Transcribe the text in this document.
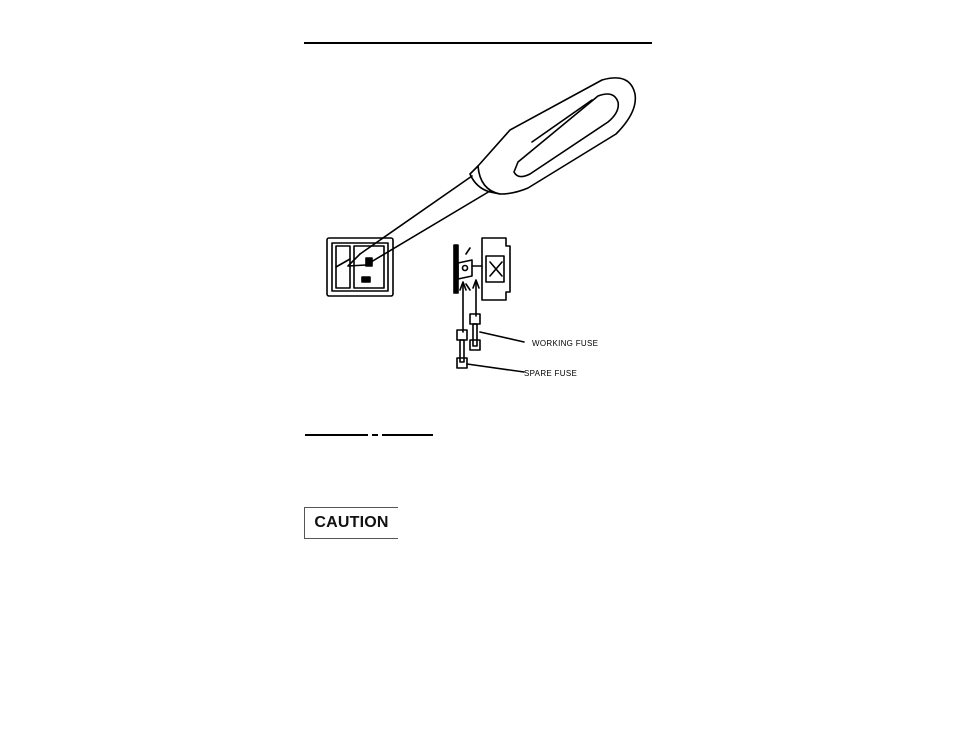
WORKING FUSE
SPARE FUSE
CAUTION
